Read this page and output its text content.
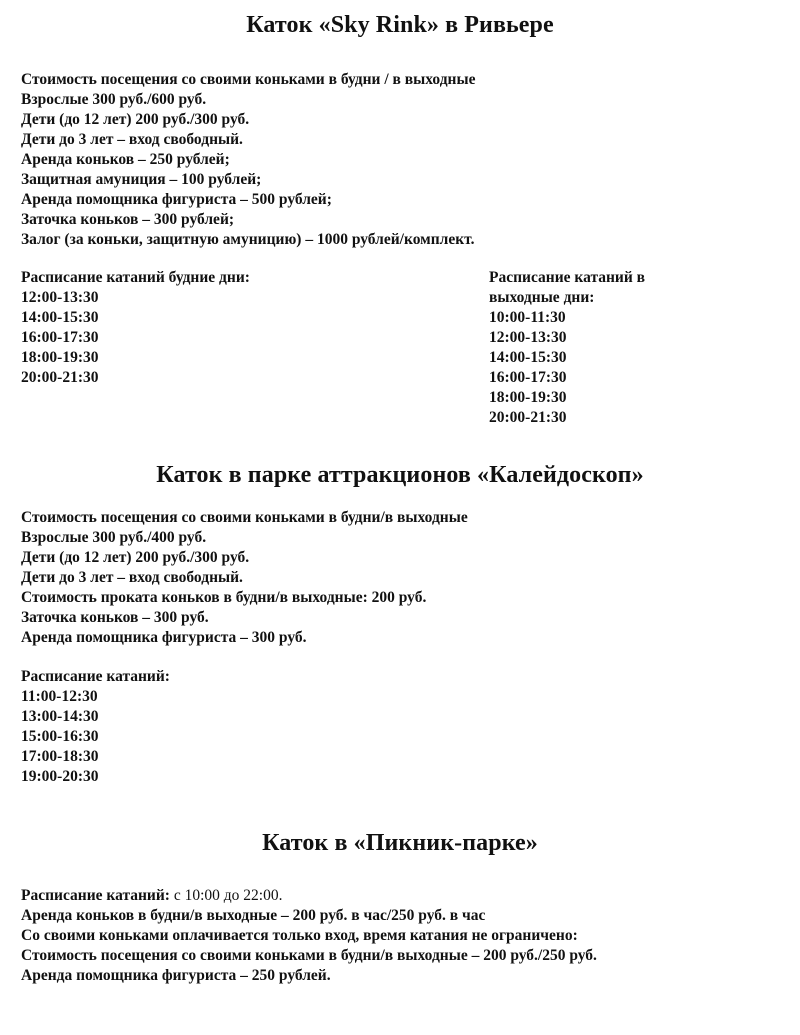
Каток «Sky Rink» в Ривьере
Стоимость посещения со своими коньками в будни / в выходные
Взрослые 300 руб./600 руб.
Дети (до 12 лет) 200 руб./300 руб.
Дети до 3 лет – вход свободный.
Аренда коньков – 250 рублей;
Защитная амуниция – 100 рублей;
Аренда помощника фигуриста – 500 рублей;
Заточка коньков – 300 рублей;
Залог (за коньки, защитную амуницию) – 1000 рублей/комплект.
Расписание катаний будние дни:
12:00-13:30
14:00-15:30
16:00-17:30
18:00-19:30
20:00-21:30
Расписание катаний в
выходные дни:
10:00-11:30
12:00-13:30
14:00-15:30
16:00-17:30
18:00-19:30
20:00-21:30
Каток в парке аттракционов «Калейдоскоп»
Стоимость посещения со своими коньками в будни/в выходные
Взрослые 300 руб./400 руб.
Дети (до 12 лет) 200 руб./300 руб.
Дети до 3 лет – вход свободный.
Стоимость проката коньков в будни/в выходные: 200 руб.
Заточка коньков – 300 руб.
Аренда помощника фигуриста – 300 руб.
Расписание катаний:
11:00-12:30
13:00-14:30
15:00-16:30
17:00-18:30
19:00-20:30
Каток в «Пикник-парке»
Расписание катаний: с 10:00 до 22:00.
Аренда коньков в будни/в выходные – 200 руб. в час/250 руб. в час
Со своими коньками оплачивается только вход, время катания не ограничено:
Стоимость посещения со своими коньками в будни/в выходные – 200 руб./250 руб.
Аренда помощника фигуриста – 250 рублей.
